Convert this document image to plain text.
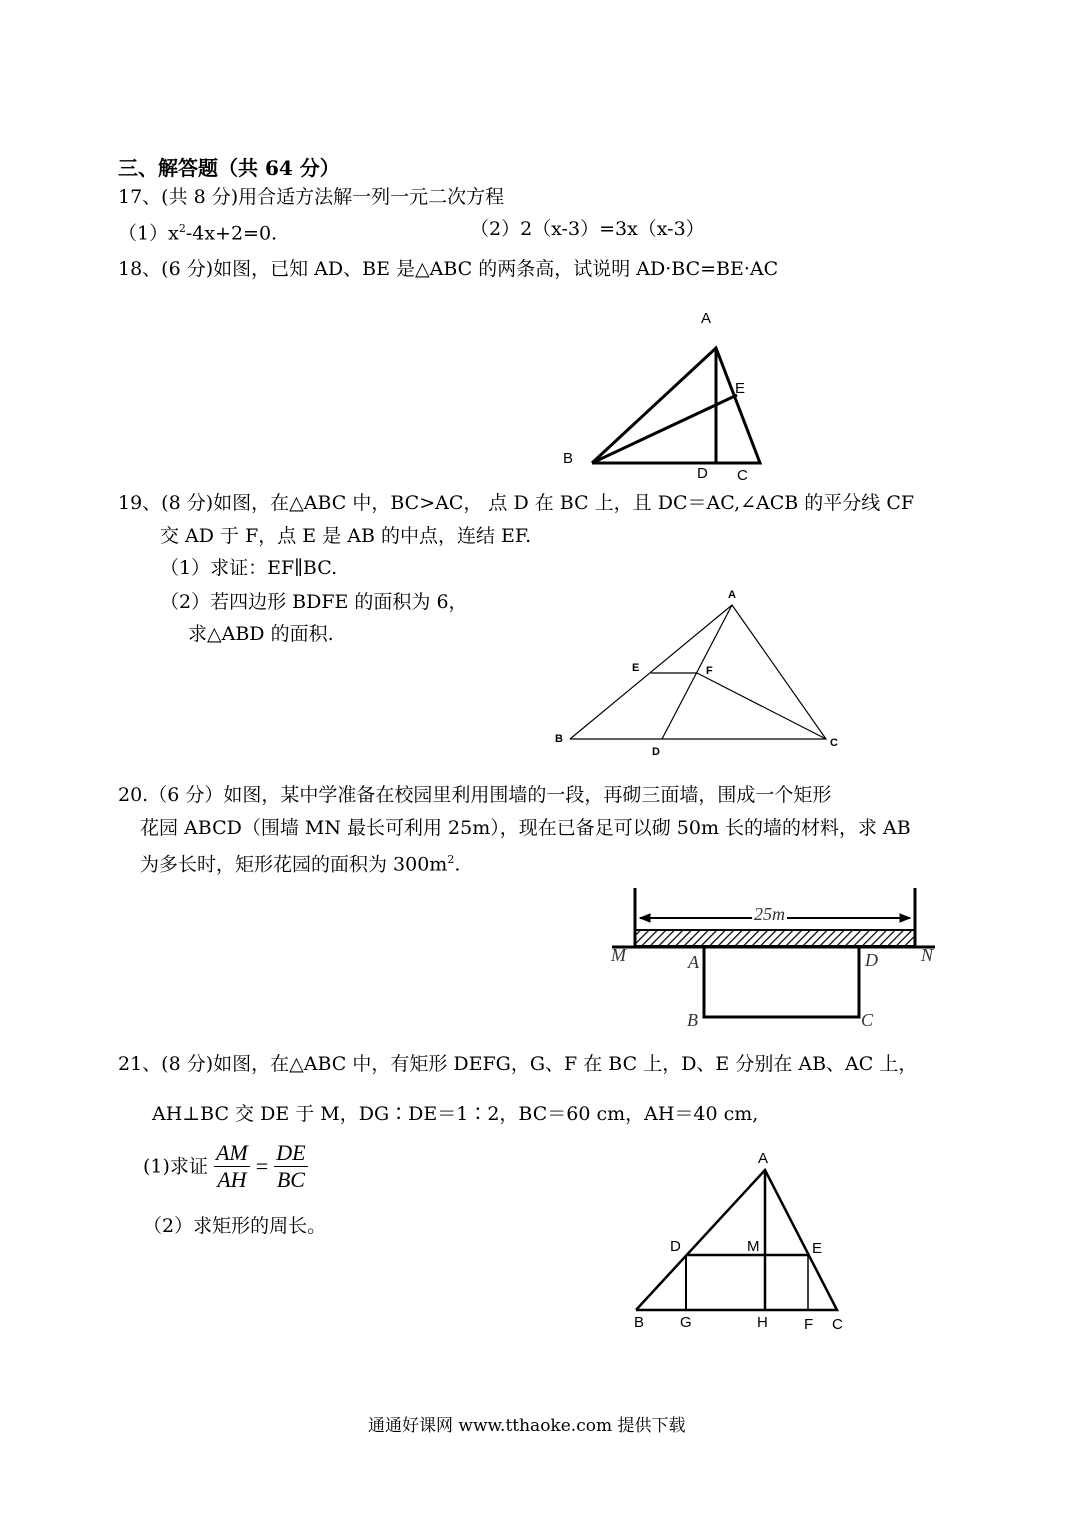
三、解答题（共 64 分）
17、(共 8 分)用合适方法解一列一元二次方程
$(1)x^2-4x+2=0$.	（2）2（x-3）=3x（x-3）
18、(6 分)如图，已知 AD、BE 是△ABC 的两条高，试说明 AD·BC=BE·AC
A
E
B
D C
19、(8 分)如图，在△ABC 中，BC>AC， 点 D 在 BC 上，且 DC＝AC,∠ACB 的平分线 CF
交 AD 于 F，点 E 是 AB 的中点，连结 EF.
（1）求证：EF∥BC.
（2）若四边形 BDFE 的面积为 6，
求△ABD 的面积.
A
E	F
B
D
C
20.（6 分）如图，某中学准备在校园里利用围墙的一段，再砌三面墙，围成一个矩形
花园 ABCD（围墙 MN 最长可利用 25m），现在已备足可以砌 50m 长的墙的材料，求 AB
为多长时，矩形花园的面积为 $300m^2$.
25m
M	A	D N
B	C
21、(8 分)如图，在△ABC 中，有矩形 DEFG，G、F 在 BC 上，D、E 分别在 AB、AC 上，
AH⊥BC 交 DE 于 M，DG∶DE＝1∶2，BC＝60 cm，AH＝40 cm,
(1)求证 $\frac{AM}{AH} = \frac{DE}{BC}$
（2）求矩形的周长。
A
D	M	E
B G	H F C
通通好课网 www.tthaoke.com 提供下载
